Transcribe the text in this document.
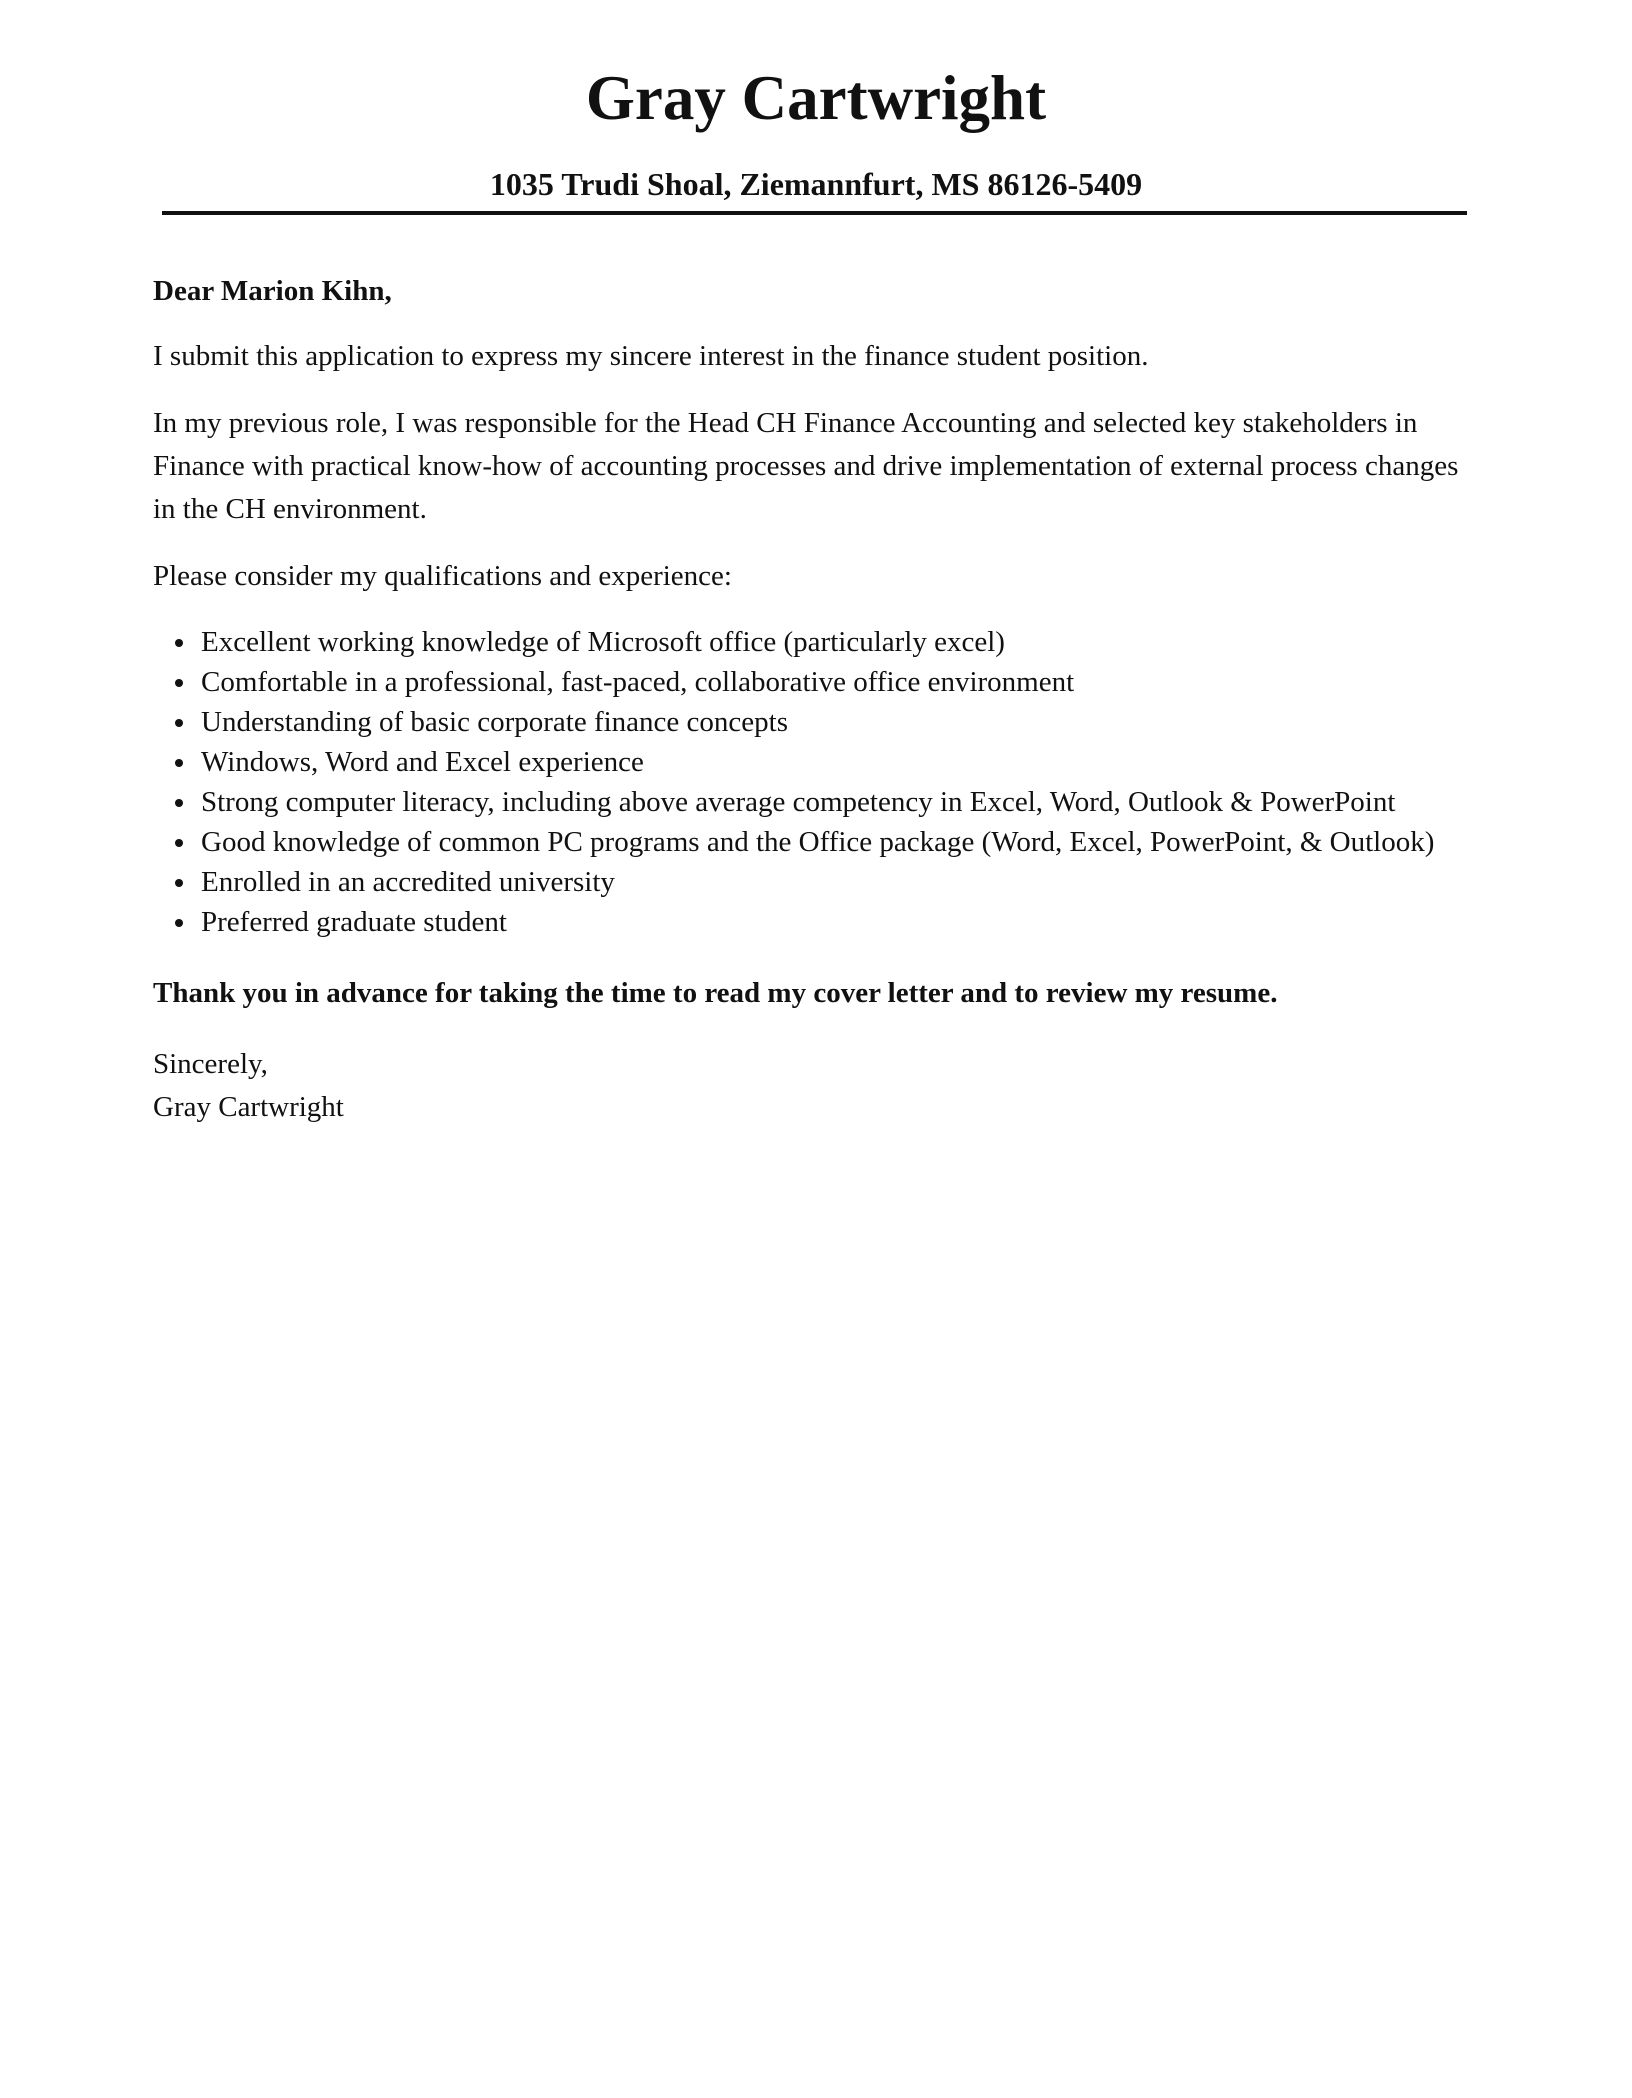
Gray Cartwright
1035 Trudi Shoal, Ziemannfurt, MS 86126-5409

Dear Marion Kihn,

I submit this application to express my sincere interest in the finance student position.

In my previous role, I was responsible for the Head CH Finance Accounting and selected key stakeholders in Finance with practical know-how of accounting processes and drive implementation of external process changes in the CH environment.

Please consider my qualifications and experience:

Excellent working knowledge of Microsoft office (particularly excel)
Comfortable in a professional, fast-paced, collaborative office environment
Understanding of basic corporate finance concepts
Windows, Word and Excel experience
Strong computer literacy, including above average competency in Excel, Word, Outlook & PowerPoint
Good knowledge of common PC programs and the Office package (Word, Excel, PowerPoint, & Outlook)
Enrolled in an accredited university
Preferred graduate student

Thank you in advance for taking the time to read my cover letter and to review my resume.

Sincerely,

Gray Cartwright
